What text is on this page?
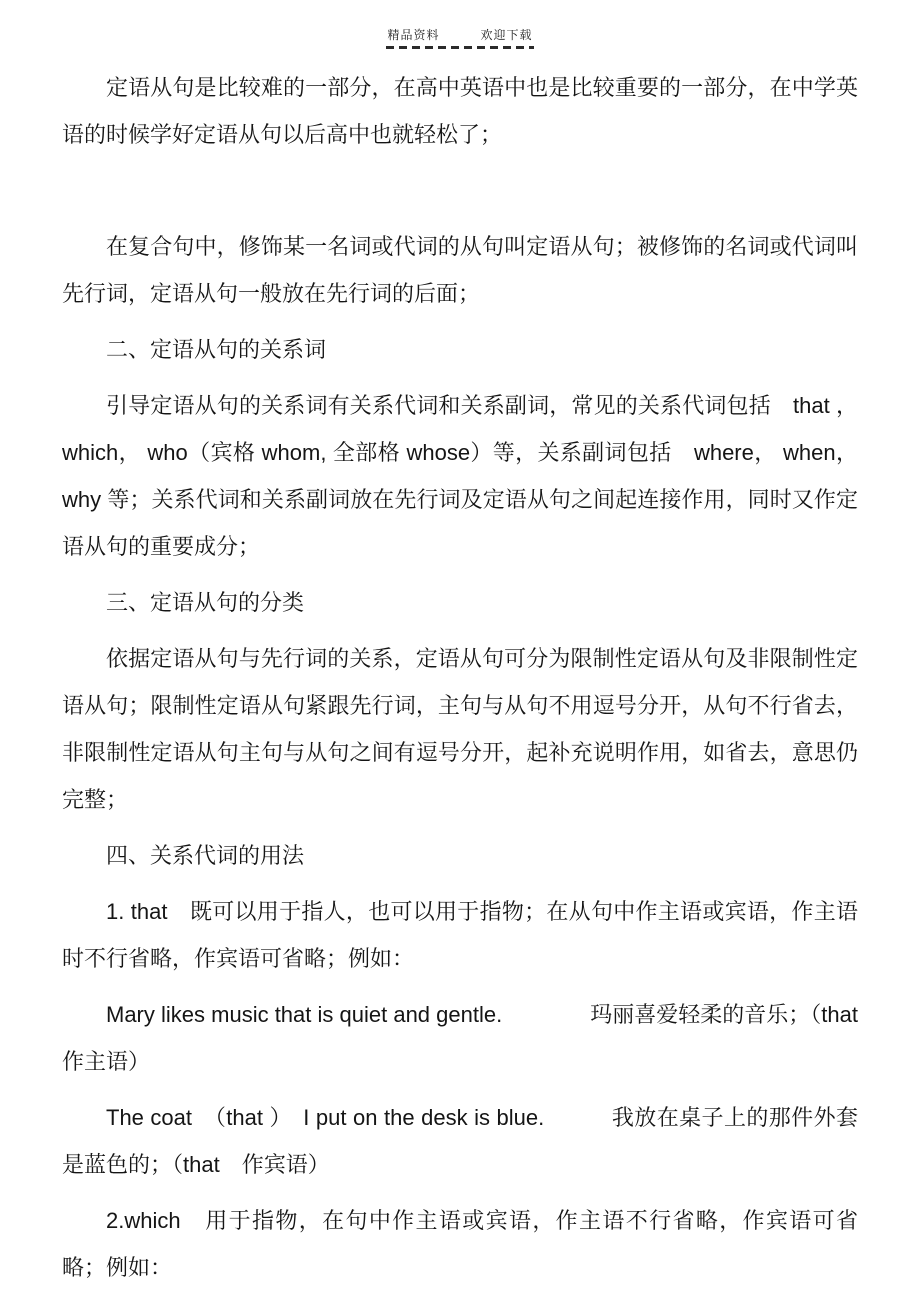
精品资料	欢迎下载
定语从句是比较难的一部分，在高中英语中也是比较重要的一部分，在中学英语的时候学好定语从句以后高中也就轻松了；
在复合句中，修饰某一名词或代词的从句叫定语从句；被修饰的名词或代词叫先行词，定语从句一般放在先行词的后面；
二、定语从句的关系词
引导定语从句的关系词有关系代词和关系副词，常见的关系代词包括　that ，which， who（宾格 whom, 全部格 whose）等，关系副词包括　where， when， why 等；关系代词和关系副词放在先行词及定语从句之间起连接作用，同时又作定语从句的重要成分；
三、定语从句的分类
依据定语从句与先行词的关系，定语从句可分为限制性定语从句及非限制性定语从句；限制性定语从句紧跟先行词，主句与从句不用逗号分开，从句不行省去，非限制性定语从句主句与从句之间有逗号分开，起补充说明作用，如省去，意思仍完整；
四、关系代词的用法
1. that　既可以用于指人，也可以用于指物；在从句中作主语或宾语，作主语时不行省略，作宾语可省略；例如：
Mary likes music that is quiet and gentle.　　　　玛丽喜爱轻柔的音乐；（that　作主语）
The coat　（that ）　I put on the desk is blue.　　　我放在桌子上的那件外套是蓝色的；（that　作宾语）
2.which　用于指物，在句中作主语或宾语，作主语不行省略，作宾语可省略；例如：
